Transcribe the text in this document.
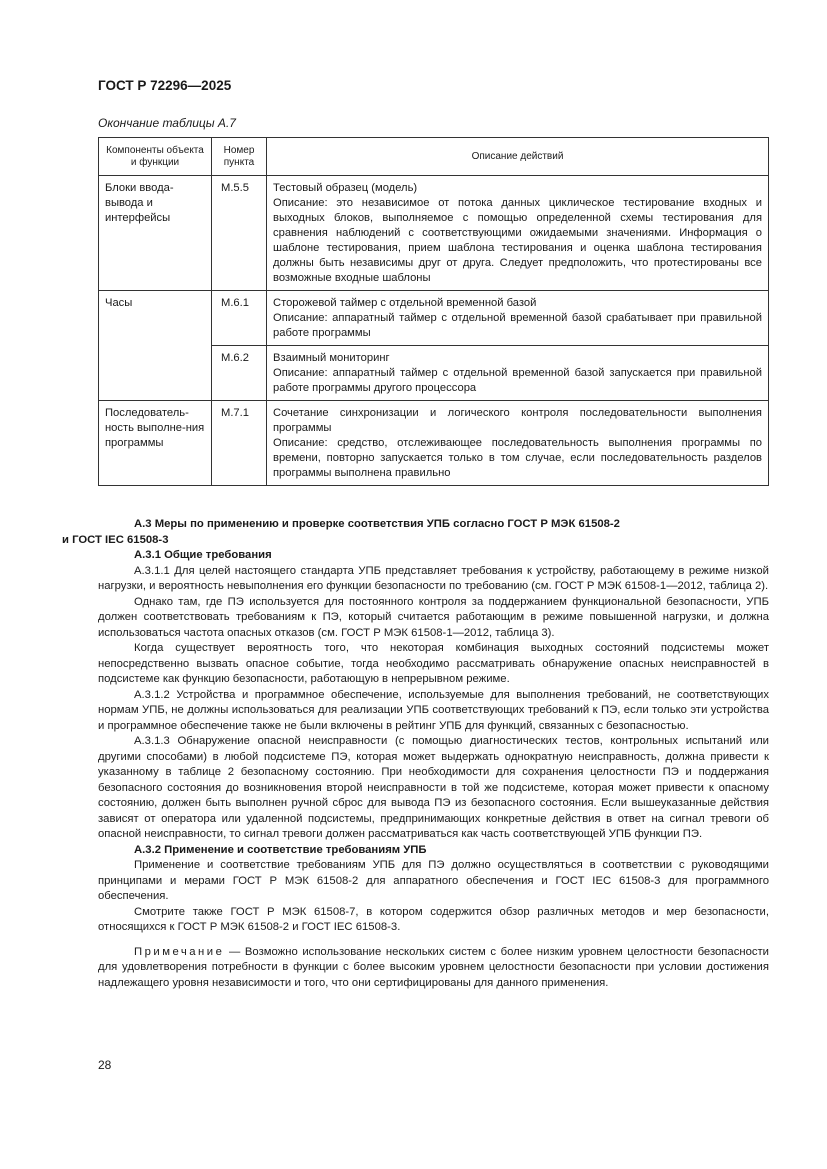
ГОСТ Р 72296—2025
Окончание таблицы А.7
Компоненты объекта и функции	Номер пункта	Описание действий
Блоки ввода-вывода и интерфейсы	М.5.5	Тестовый образец (модель)
Описание: это независимое от потока данных циклическое тестирование входных и выходных блоков, выполняемое с помощью определенной схемы тестирования для сравнения наблюдений с соответствующими ожидаемыми значениями. Информация о шаблоне тестирования, прием шаблона тестирования и оценка шаблона тестирования должны быть независимы друг от друга. Следует предположить, что протестированы все возможные входные шаблоны

Часы	М.6.1	Сторожевой таймер с отдельной временной базой
Описание: аппаратный таймер с отдельной временной базой срабатывает при правильной работе программы

	М.6.2	Взаимный мониторинг
Описание: аппаратный таймер с отдельной временной базой запускается при правильной работе программы другого процессора

Последователь-ность выполне-ния программы	М.7.1	Сочетание синхронизации и логического контроля последовательности выполнения программы
Описание: средство, отслеживающее последовательность выполнения программы по времени, повторно запускается только в том случае, если последовательность разделов программы выполнена правильно

А.3 Меры по применению и проверке соответствия УПБ согласно ГОСТ Р МЭК 61508-2
и ГОСТ IEC 61508-3

А.3.1 Общие требования

А.3.1.1 Для целей настоящего стандарта УПБ представляет требования к устройству, работающему в режиме низкой нагрузки, и вероятность невыполнения его функции безопасности по требованию (см. ГОСТ Р МЭК 61508-1—2012, таблица 2).

Однако там, где ПЭ используется для постоянного контроля за поддержанием функциональной безопасности, УПБ должен соответствовать требованиям к ПЭ, который считается работающим в режиме повышенной нагрузки, и должна использоваться частота опасных отказов (см. ГОСТ Р МЭК 61508-1—2012, таблица 3).

Когда существует вероятность того, что некоторая комбинация выходных состояний подсистемы может непосредственно вызвать опасное событие, тогда необходимо рассматривать обнаружение опасных неисправностей в подсистеме как функцию безопасности, работающую в непрерывном режиме.

А.3.1.2 Устройства и программное обеспечение, используемые для выполнения требований, не соответствующих нормам УПБ, не должны использоваться для реализации УПБ соответствующих требований к ПЭ, если только эти устройства и программное обеспечение также не были включены в рейтинг УПБ для функций, связанных с безопасностью.

А.3.1.3 Обнаружение опасной неисправности (с помощью диагностических тестов, контрольных испытаний или другими способами) в любой подсистеме ПЭ, которая может выдержать однократную неисправность, должна привести к указанному в таблице 2 безопасному состоянию. При необходимости для сохранения целостности ПЭ и поддержания безопасного состояния до возникновения второй неисправности в той же подсистеме, которая может привести к опасному состоянию, должен быть выполнен ручной сброс для вывода ПЭ из безопасного состояния. Если вышеуказанные действия зависят от оператора или удаленной подсистемы, предпринимающих конкретные действия в ответ на сигнал тревоги об опасной неисправности, то сигнал тревоги должен рассматриваться как часть соответствующей УПБ функции ПЭ.

А.3.2 Применение и соответствие требованиям УПБ

Применение и соответствие требованиям УПБ для ПЭ должно осуществляться в соответствии с руководящими принципами и мерами ГОСТ Р МЭК 61508-2 для аппаратного обеспечения и ГОСТ IEC 61508-3 для программного обеспечения.

Смотрите также ГОСТ Р МЭК 61508-7, в котором содержится обзор различных методов и мер безопасности, относящихся к ГОСТ Р МЭК 61508-2 и ГОСТ IEC 61508-3.

Примечание — Возможно использование нескольких систем с более низким уровнем целостности безопасности для удовлетворения потребности в функции с более высоким уровнем целостности безопасности при условии достижения надлежащего уровня независимости и того, что они сертифицированы для данного применения.

28
